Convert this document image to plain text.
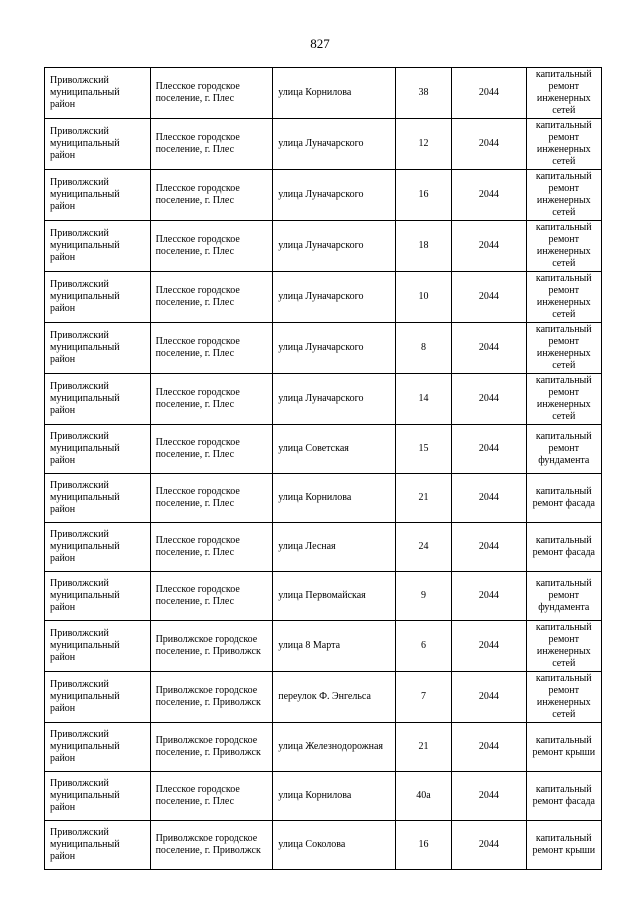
827
Приволжский муниципальный район	Плесское городское поселение, г. Плес	улица Корнилова	38	2044	капитальный ремонт инженерных сетей
Приволжский муниципальный район	Плесское городское поселение, г. Плес	улица Луначарского	12	2044	капитальный ремонт инженерных сетей
Приволжский муниципальный район	Плесское городское поселение, г. Плес	улица Луначарского	16	2044	капитальный ремонт инженерных сетей
Приволжский муниципальный район	Плесское городское поселение, г. Плес	улица Луначарского	18	2044	капитальный ремонт инженерных сетей
Приволжский муниципальный район	Плесское городское поселение, г. Плес	улица Луначарского	10	2044	капитальный ремонт инженерных сетей
Приволжский муниципальный район	Плесское городское поселение, г. Плес	улица Луначарского	8	2044	капитальный ремонт инженерных сетей
Приволжский муниципальный район	Плесское городское поселение, г. Плес	улица Луначарского	14	2044	капитальный ремонт инженерных сетей
Приволжский муниципальный район	Плесское городское поселение, г. Плес	улица Советская	15	2044	капитальный ремонт фундамента
Приволжский муниципальный район	Плесское городское поселение, г. Плес	улица Корнилова	21	2044	капитальный ремонт фасада
Приволжский муниципальный район	Плесское городское поселение, г. Плес	улица Лесная	24	2044	капитальный ремонт фасада
Приволжский муниципальный район	Плесское городское поселение, г. Плес	улица Первомайская	9	2044	капитальный ремонт фундамента
Приволжский муниципальный район	Приволжское городское поселение, г. Приволжск	улица 8 Марта	6	2044	капитальный ремонт инженерных сетей
Приволжский муниципальный район	Приволжское городское поселение, г. Приволжск	переулок Ф. Энгельса	7	2044	капитальный ремонт инженерных сетей
Приволжский муниципальный район	Приволжское городское поселение, г. Приволжск	улица Железнодорожная	21	2044	капитальный ремонт крыши
Приволжский муниципальный район	Плесское городское поселение, г. Плес	улица Корнилова	40а	2044	капитальный ремонт фасада
Приволжский муниципальный район	Приволжское городское поселение, г. Приволжск	улица Соколова	16	2044	капитальный ремонт крыши
